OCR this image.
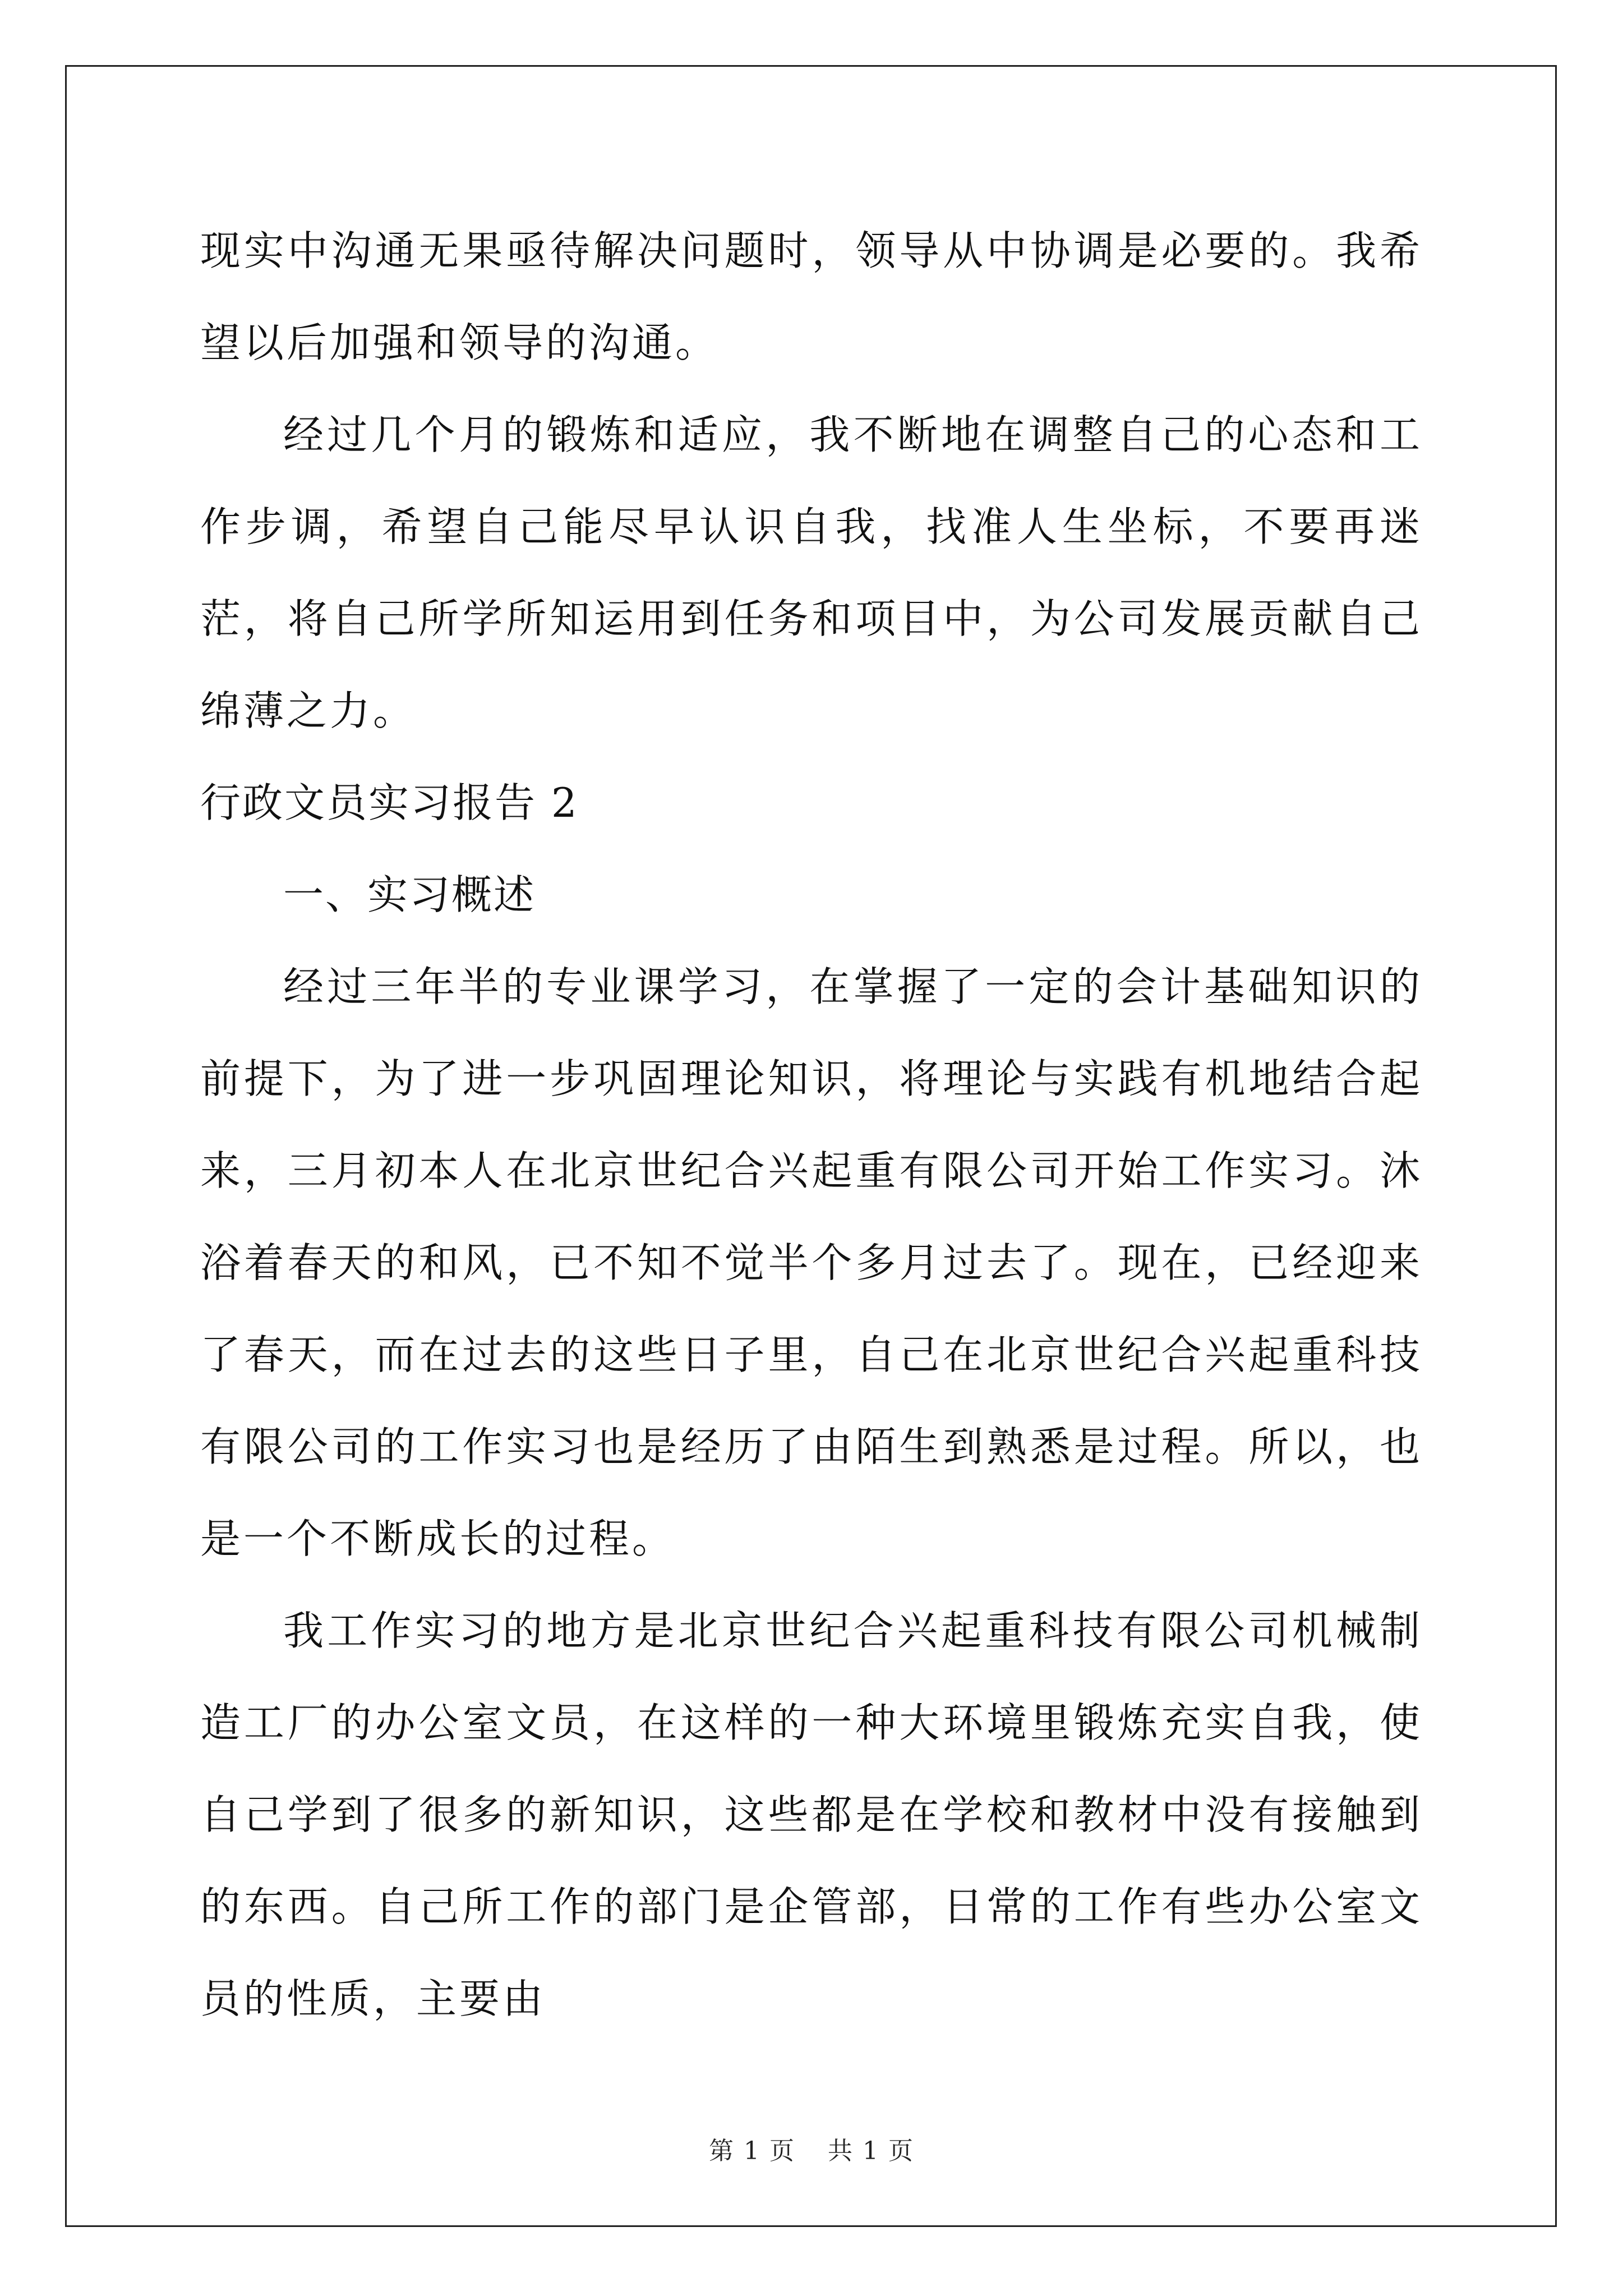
现实中沟通无果亟待解决问题时，领导从中协调是必要的。我希望以后加强和领导的沟通。

经过几个月的锻炼和适应，我不断地在调整自己的心态和工作步调，希望自己能尽早认识自我，找准人生坐标，不要再迷茫，将自己所学所知运用到任务和项目中，为公司发展贡献自己绵薄之力。

行政文员实习报告 2

一、实习概述

经过三年半的专业课学习，在掌握了一定的会计基础知识的前提下，为了进一步巩固理论知识，将理论与实践有机地结合起来，三月初本人在北京世纪合兴起重有限公司开始工作实习。沐浴着春天的和风，已不知不觉半个多月过去了。现在，已经迎来了春天，而在过去的这些日子里，自己在北京世纪合兴起重科技有限公司的工作实习也是经历了由陌生到熟悉是过程。所以，也是一个不断成长的过程。

我工作实习的地方是北京世纪合兴起重科技有限公司机械制造工厂的办公室文员，在这样的一种大环境里锻炼充实自我，使自己学到了很多的新知识，这些都是在学校和教材中没有接触到的东西。自己所工作的部门是企管部，日常的工作有些办公室文员的性质，主要由

第 1 页 共 1 页
